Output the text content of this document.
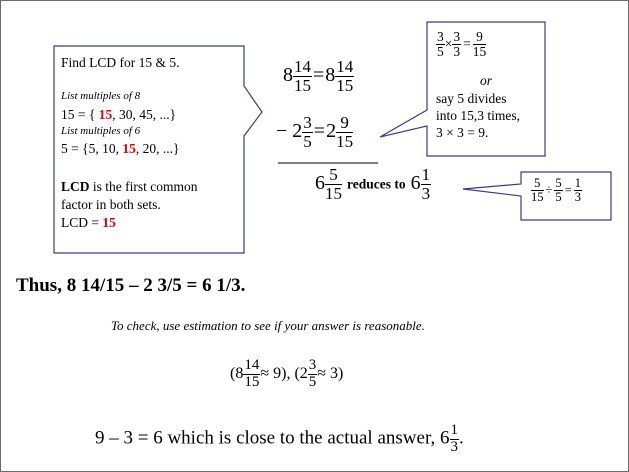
Find LCD for 15 & 5.
List multiples of 8
15 = { 15, 30, 45, ...}
List multiples of 6
5 = {5, 10, 15, 20, ...}
LCD is the first common
factor in both sets.
LCD = 15
$8 \frac{14}{15} =8 \frac{14}{15}$
− $2 \frac{3}{5} =2 \frac{9}{15}$
$6 \frac{5}{15}$ reduces to $6 \frac{1}{3}$
$\frac{3}{5} \times \frac{3}{3} = \frac{9}{15}$
or
say 5 divides
into 15,3 times,
3 × 3 = 9.
$\frac{5}{15} \div \frac{5}{5} = \frac{1}{3}$
Thus, 8 14/15 – 2 3/5 = 6 1/3.
To check, use estimation to see if your answer is reasonable.
$(8 \frac{14}{15} \approx 9)$, $(2 \frac{3}{5} \approx 3)$
9 – 3 = 6 which is close to the actual answer, $6 \frac{1}{3}$ .
